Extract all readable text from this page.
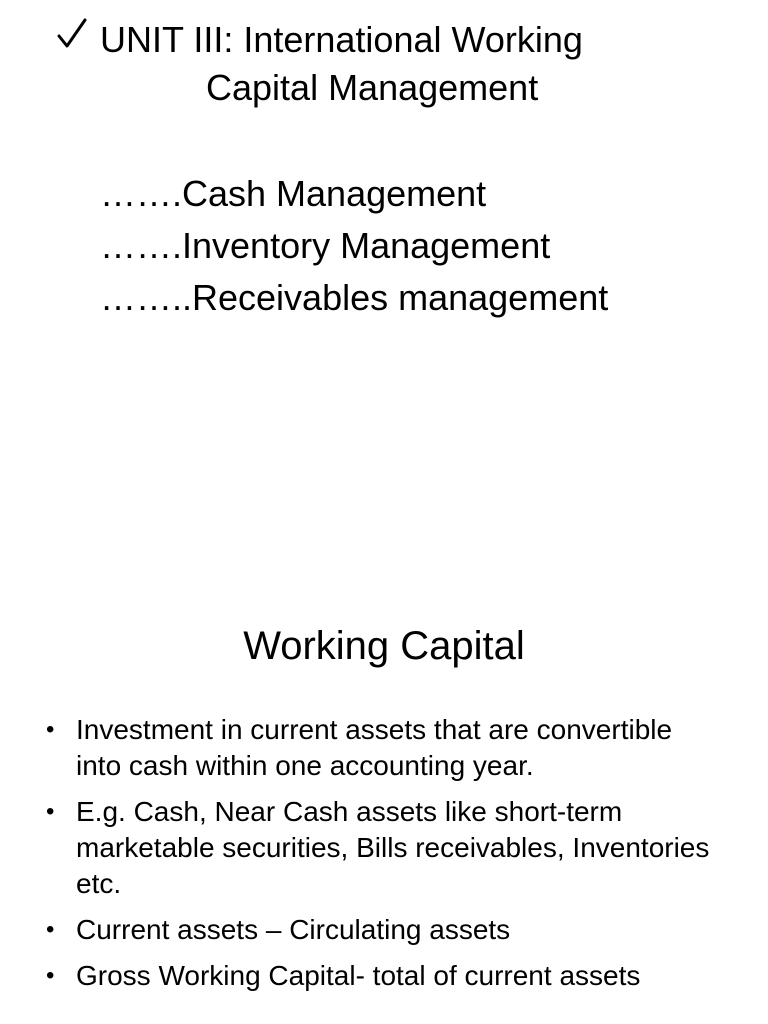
UNIT III: International Working
Capital Management
…….Cash Management
…….Inventory Management
……..Receivables management
Working Capital
• Investment in current assets that are convertible into cash within one accounting year.
• E.g. Cash, Near Cash assets like short-term marketable securities, Bills receivables, Inventories etc.
• Current assets – Circulating assets
• Gross Working Capital- total of current assets
